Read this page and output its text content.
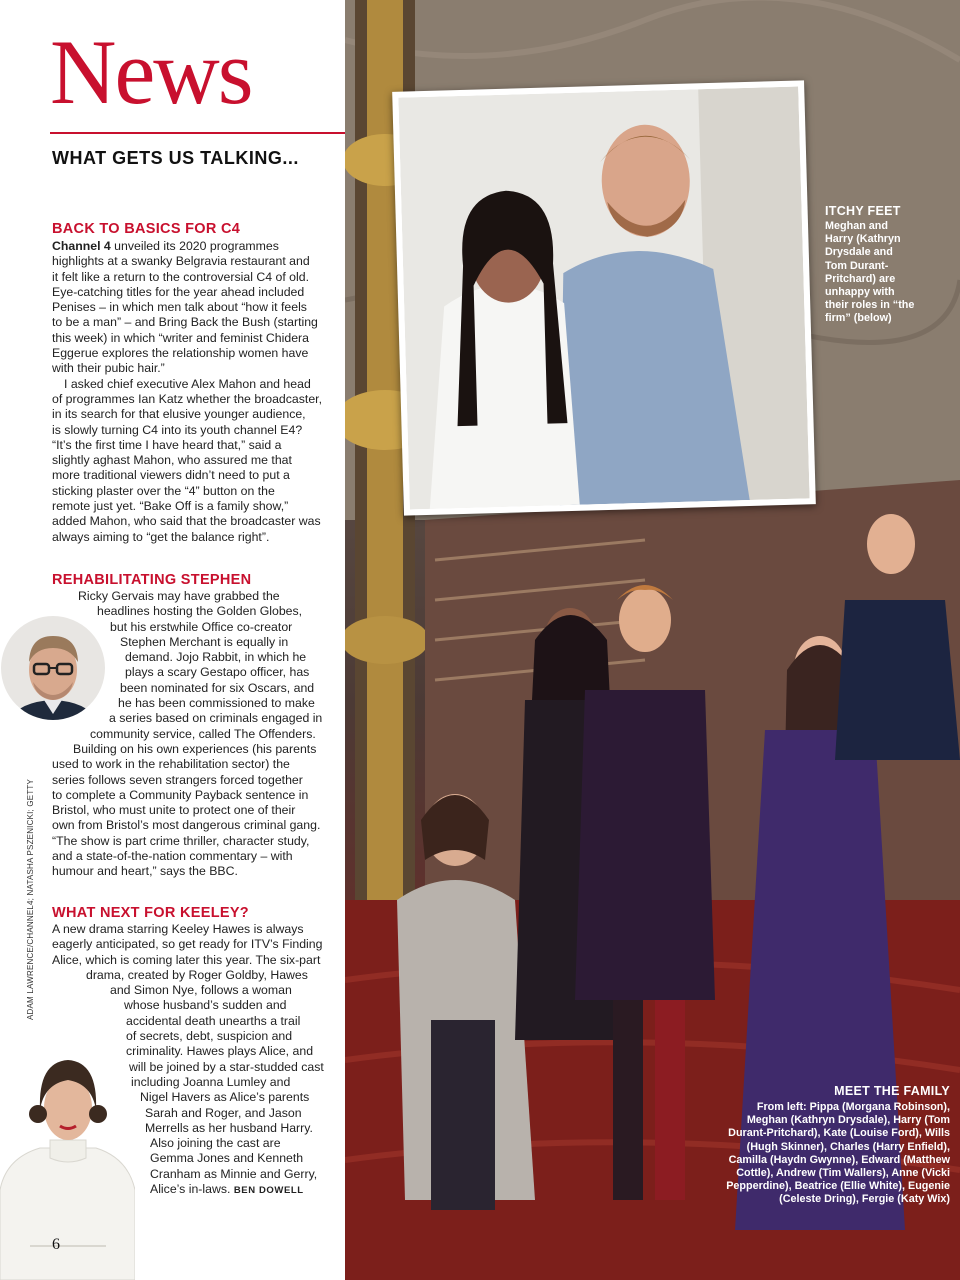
News
WHAT GETS US TALKING...
BACK TO BASICS FOR C4
Channel 4 unveiled its 2020 programmes
highlights at a swanky Belgravia restaurant and
it felt like a return to the controversial C4 of old.
Eye-catching titles for the year ahead included
Penises – in which men talk about “how it feels
to be a man” – and Bring Back the Bush (starting
this week) in which “writer and feminist Chidera
Eggerue explores the relationship women have
with their pubic hair.”
I asked chief executive Alex Mahon and head
of programmes Ian Katz whether the broadcaster,
in its search for that elusive younger audience,
is slowly turning C4 into its youth channel E4?
“It’s the first time I have heard that,” said a
slightly aghast Mahon, who assured me that
more traditional viewers didn’t need to put a
sticking plaster over the “4” button on the
remote just yet. “Bake Off is a family show,”
added Mahon, who said that the broadcaster was
always aiming to “get the balance right”.
REHABILITATING STEPHEN
Ricky Gervais may have grabbed the
headlines hosting the Golden Globes,
but his erstwhile Office co-creator
Stephen Merchant is equally in
demand. Jojo Rabbit, in which he
plays a scary Gestapo officer, has
been nominated for six Oscars, and
he has been commissioned to make
a series based on criminals engaged in
community service, called The Offenders.
Building on his own experiences (his parents
used to work in the rehabilitation sector) the
series follows seven strangers forced together
to complete a Community Payback sentence in
Bristol, who must unite to protect one of their
own from Bristol’s most dangerous criminal gang.
“The show is part crime thriller, character study,
and a state-of-the-nation commentary – with
humour and heart,” says the BBC.
WHAT NEXT FOR KEELEY?
A new drama starring Keeley Hawes is always
eagerly anticipated, so get ready for ITV’s Finding
Alice, which is coming later this year. The six-part
drama, created by Roger Goldby, Hawes
and Simon Nye, follows a woman
whose husband’s sudden and
accidental death unearths a trail
of secrets, debt, suspicion and
criminality. Hawes plays Alice, and
will be joined by a star-studded cast
including Joanna Lumley and
Nigel Havers as Alice’s parents
Sarah and Roger, and Jason
Merrells as her husband Harry.
Also joining the cast are
Gemma Jones and Kenneth
Cranham as Minnie and Gerry,
Alice’s in-laws. BEN DOWELL
ADAM LAWRENCE/CHANNEL4; NATASHA PSZENICKI; GETTY
6
ITCHY FEET
Meghan and
Harry (Kathryn
Drysdale and
Tom Durant-
Pritchard) are
unhappy with
their roles in “the
firm” (below)
MEET THE FAMILY
From left: Pippa (Morgana Robinson),
Meghan (Kathryn Drysdale), Harry (Tom
Durant-Pritchard), Kate (Louise Ford), Wills
(Hugh Skinner), Charles (Harry Enfield),
Camilla (Haydn Gwynne), Edward (Matthew
Cottle), Andrew (Tim Wallers), Anne (Vicki
Pepperdine), Beatrice (Ellie White), Eugenie
(Celeste Dring), Fergie (Katy Wix)
